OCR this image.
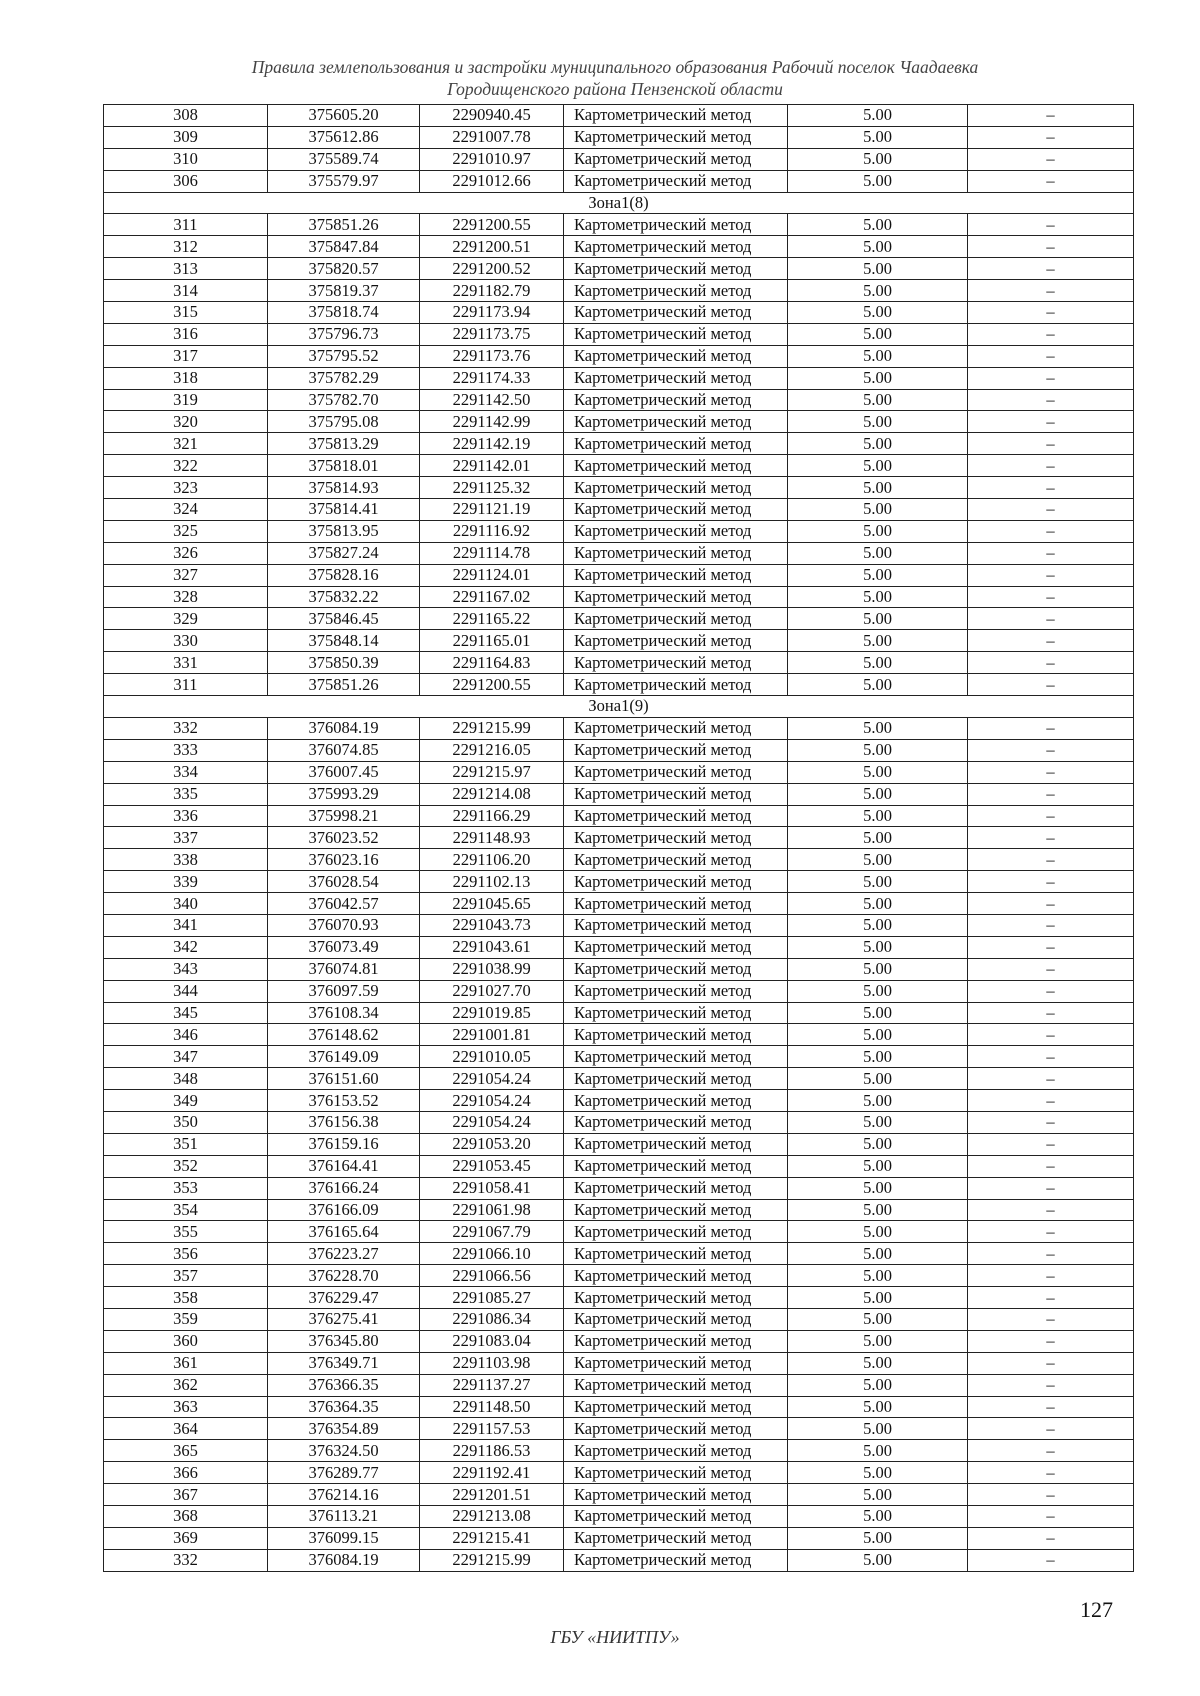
Правила землепользования и застройки муниципального образования Рабочий поселок Чаадаевка
Городищенского района Пензенской области
308	375605.20	2290940.45	Картометрический метод	5.00	–
309	375612.86	2291007.78	Картометрический метод	5.00	–
310	375589.74	2291010.97	Картометрический метод	5.00	–
306	375579.97	2291012.66	Картометрический метод	5.00	–
Зона1(8)					
311	375851.26	2291200.55	Картометрический метод	5.00	–
312	375847.84	2291200.51	Картометрический метод	5.00	–
313	375820.57	2291200.52	Картометрический метод	5.00	–
314	375819.37	2291182.79	Картометрический метод	5.00	–
315	375818.74	2291173.94	Картометрический метод	5.00	–
316	375796.73	2291173.75	Картометрический метод	5.00	–
317	375795.52	2291173.76	Картометрический метод	5.00	–
318	375782.29	2291174.33	Картометрический метод	5.00	–
319	375782.70	2291142.50	Картометрический метод	5.00	–
320	375795.08	2291142.99	Картометрический метод	5.00	–
321	375813.29	2291142.19	Картометрический метод	5.00	–
322	375818.01	2291142.01	Картометрический метод	5.00	–
323	375814.93	2291125.32	Картометрический метод	5.00	–
324	375814.41	2291121.19	Картометрический метод	5.00	–
325	375813.95	2291116.92	Картометрический метод	5.00	–
326	375827.24	2291114.78	Картометрический метод	5.00	–
327	375828.16	2291124.01	Картометрический метод	5.00	–
328	375832.22	2291167.02	Картометрический метод	5.00	–
329	375846.45	2291165.22	Картометрический метод	5.00	–
330	375848.14	2291165.01	Картометрический метод	5.00	–
331	375850.39	2291164.83	Картометрический метод	5.00	–
311	375851.26	2291200.55	Картометрический метод	5.00	–
Зона1(9)					
332	376084.19	2291215.99	Картометрический метод	5.00	–
333	376074.85	2291216.05	Картометрический метод	5.00	–
334	376007.45	2291215.97	Картометрический метод	5.00	–
335	375993.29	2291214.08	Картометрический метод	5.00	–
336	375998.21	2291166.29	Картометрический метод	5.00	–
337	376023.52	2291148.93	Картометрический метод	5.00	–
338	376023.16	2291106.20	Картометрический метод	5.00	–
339	376028.54	2291102.13	Картометрический метод	5.00	–
340	376042.57	2291045.65	Картометрический метод	5.00	–
341	376070.93	2291043.73	Картометрический метод	5.00	–
342	376073.49	2291043.61	Картометрический метод	5.00	–
343	376074.81	2291038.99	Картометрический метод	5.00	–
344	376097.59	2291027.70	Картометрический метод	5.00	–
345	376108.34	2291019.85	Картометрический метод	5.00	–
346	376148.62	2291001.81	Картометрический метод	5.00	–
347	376149.09	2291010.05	Картометрический метод	5.00	–
348	376151.60	2291054.24	Картометрический метод	5.00	–
349	376153.52	2291054.24	Картометрический метод	5.00	–
350	376156.38	2291054.24	Картометрический метод	5.00	–
351	376159.16	2291053.20	Картометрический метод	5.00	–
352	376164.41	2291053.45	Картометрический метод	5.00	–
353	376166.24	2291058.41	Картометрический метод	5.00	–
354	376166.09	2291061.98	Картометрический метод	5.00	–
355	376165.64	2291067.79	Картометрический метод	5.00	–
356	376223.27	2291066.10	Картометрический метод	5.00	–
357	376228.70	2291066.56	Картометрический метод	5.00	–
358	376229.47	2291085.27	Картометрический метод	5.00	–
359	376275.41	2291086.34	Картометрический метод	5.00	–
360	376345.80	2291083.04	Картометрический метод	5.00	–
361	376349.71	2291103.98	Картометрический метод	5.00	–
362	376366.35	2291137.27	Картометрический метод	5.00	–
363	376364.35	2291148.50	Картометрический метод	5.00	–
364	376354.89	2291157.53	Картометрический метод	5.00	–
365	376324.50	2291186.53	Картометрический метод	5.00	–
366	376289.77	2291192.41	Картометрический метод	5.00	–
367	376214.16	2291201.51	Картометрический метод	5.00	–
368	376113.21	2291213.08	Картометрический метод	5.00	–
369	376099.15	2291215.41	Картометрический метод	5.00	–
332	376084.19	2291215.99	Картометрический метод	5.00	–
127
ГБУ «НИИТПУ»
